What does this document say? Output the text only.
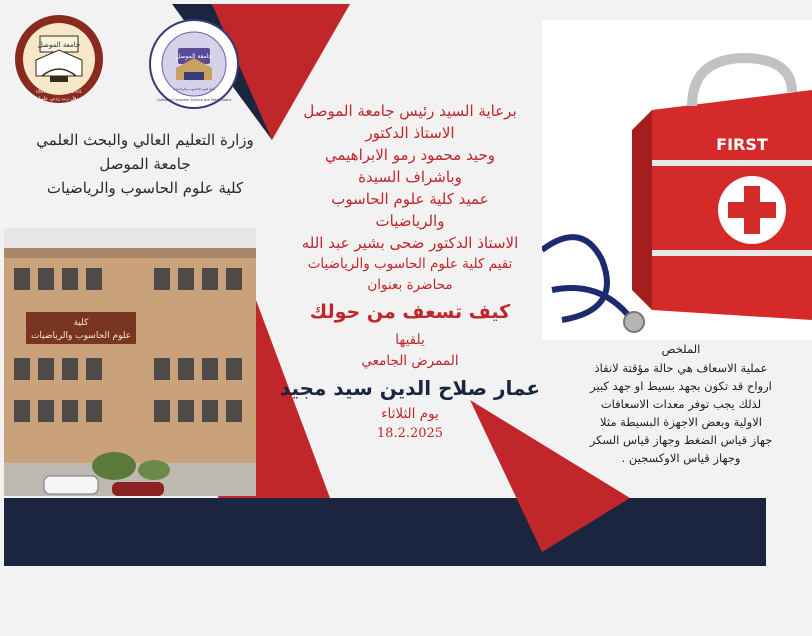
جامعة الموصل
UNIVERSITY OF MOSUL
وقل رب زدني علما
جامعة الموصل
كلية علوم الحاسوب والرياضيات
College of Computer Science and Mathematics
وزارة التعليم العالي والبحث العلمي
جامعة الموصل
كلية علوم الحاسوب والرياضيات
كلية
علوم الحاسوب والرياضيات
FIRST

برعاية السيد رئيس جامعة الموصل

الاستاذ الدكتور

وحيد محمود رمو الابراهيمي

وباشراف السيدة

عميد كلية علوم الحاسوب

والرياضيات

الاستاذ الدكتور ضحى بشير عبد الله

تقيم كلية علوم الحاسوب والرياضيات

محاضرة بعنوان

كيف تسعف من حولك

يلقيها

الممرض الجامعي

عمار صلاح الدين سيد مجيد

يوم الثلاثاء

18.2.2025

الملخص

عملية الاسعاف هي حالة مؤقتة لانقاذ

ارواح قد تكون بجهد بسيط او جهد كبير

لذلك يجب توفر معدات الاسعافات

الاولية وبعض الاجهزة البسيطة مثلا

جهاز قياس الضغط وجهاز قياس السكر

وجهاز قياس الاوكسجين .
